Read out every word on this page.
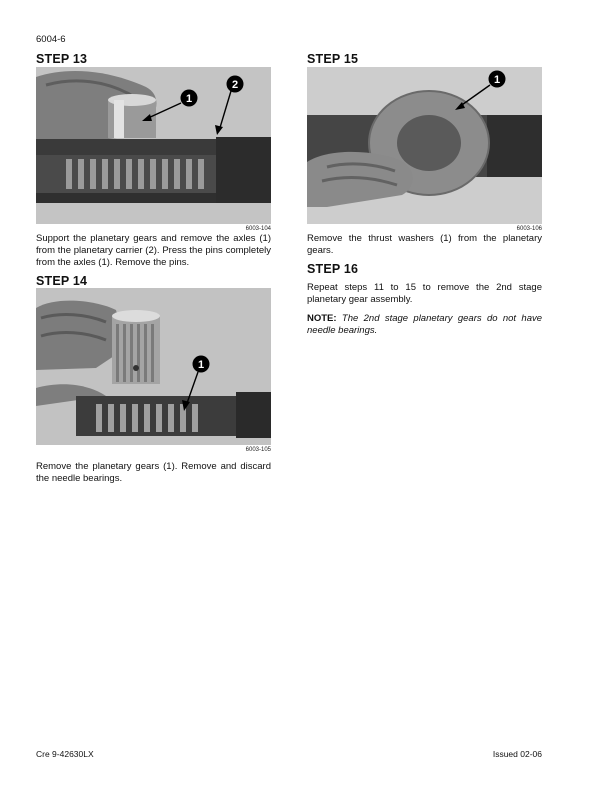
6004-6
STEP 13
1
2
6003-104
Support the planetary gears and remove the axles (1) from the planetary carrier (2). Press the pins completely from the axles (1). Remove the pins.
STEP 14
1
6003-105
Remove the planetary gears (1). Remove and discard the needle bearings.
STEP 15
1
6003-106
Remove the thrust washers (1) from the planetary gears.
STEP 16
Repeat steps 11 to 15 to remove the 2nd stage planetary gear assembly.
NOTE: The 2nd stage planetary gears do not have needle bearings.
Cre 9-42630LX	Issued 02-06
